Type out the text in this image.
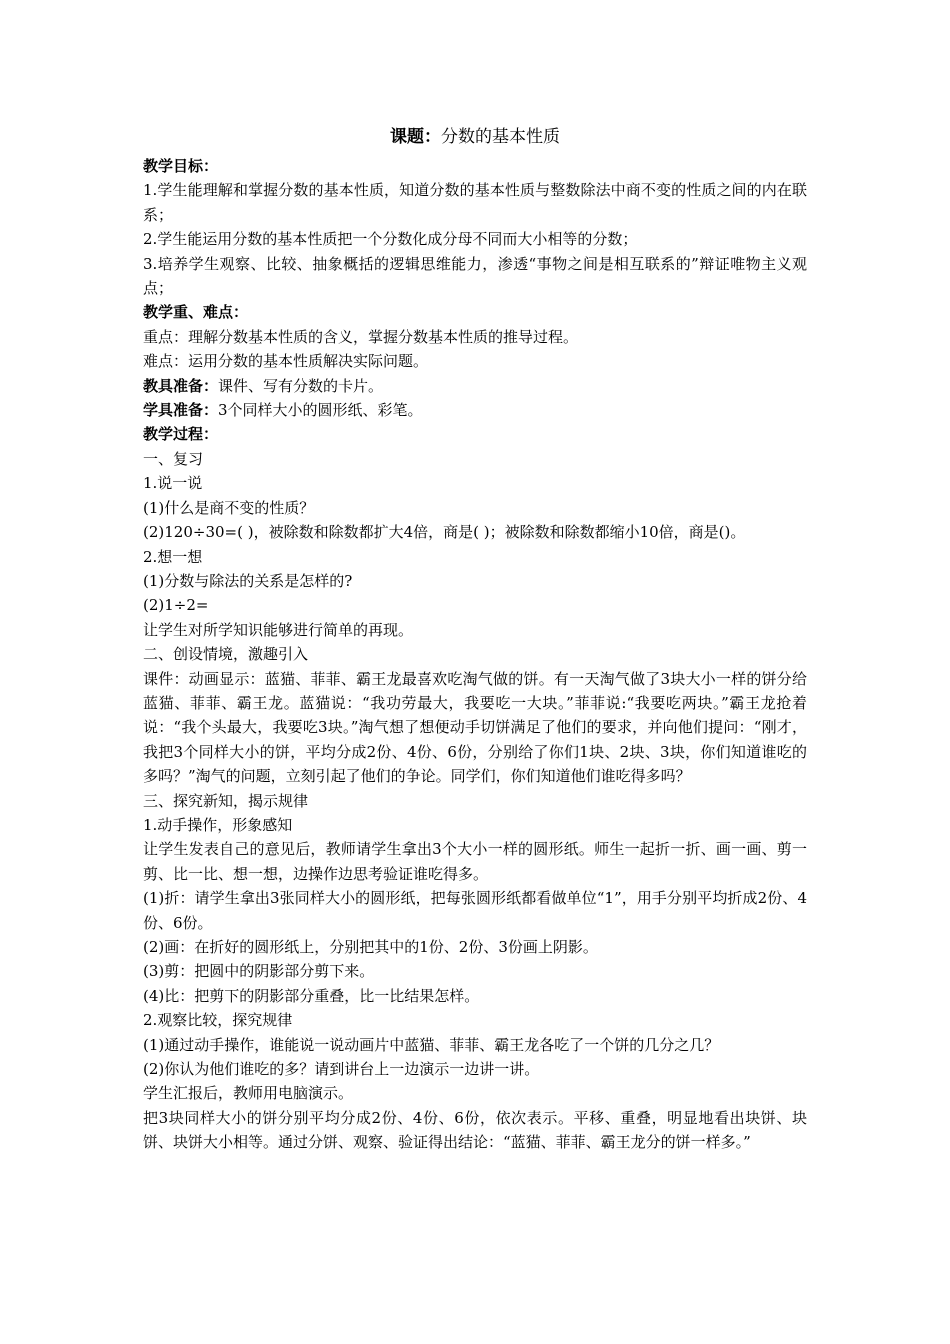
课题：分数的基本性质

教学目标：

1.学生能理解和掌握分数的基本性质，知道分数的基本性质与整数除法中商不变的性质之间的内在联系；

2.学生能运用分数的基本性质把一个分数化成分母不同而大小相等的分数；

3.培养学生观察、比较、抽象概括的逻辑思维能力，渗透“事物之间是相互联系的”辩证唯物主义观点；

教学重、难点：

重点：理解分数基本性质的含义，掌握分数基本性质的推导过程。

难点：运用分数的基本性质解决实际问题。

教具准备：课件、写有分数的卡片。

学具准备：3个同样大小的圆形纸、彩笔。

教学过程：

一、复习

1.说一说

(1)什么是商不变的性质？

(2)120÷30=( )，被除数和除数都扩大4倍，商是( )；被除数和除数都缩小10倍，商是()。

2.想一想

(1)分数与除法的关系是怎样的?

(2)1÷2=

让学生对所学知识能够进行简单的再现。

二、创设情境，激趣引入

课件：动画显示：蓝猫、菲菲、霸王龙最喜欢吃淘气做的饼。有一天淘气做了3块大小一样的饼分给蓝猫、菲菲、霸王龙。蓝猫说：“我功劳最大，我要吃一大块。”菲菲说:“我要吃两块。”霸王龙抢着说：“我个头最大，我要吃3块。”淘气想了想便动手切饼满足了他们的要求，并向他们提问：“刚才，我把3个同样大小的饼，平均分成2份、4份、6份，分别给了你们1块、2块、3块，你们知道谁吃的多吗？”淘气的问题，立刻引起了他们的争论。同学们，你们知道他们谁吃得多吗？

三、探究新知，揭示规律

1.动手操作，形象感知

让学生发表自己的意见后，教师请学生拿出3个大小一样的圆形纸。师生一起折一折、画一画、剪一剪、比一比、想一想，边操作边思考验证谁吃得多。

(1)折：请学生拿出3张同样大小的圆形纸，把每张圆形纸都看做单位“1”，用手分别平均折成2份、4份、6份。

(2)画：在折好的圆形纸上，分别把其中的1份、2份、3份画上阴影。

(3)剪：把圆中的阴影部分剪下来。

(4)比：把剪下的阴影部分重叠，比一比结果怎样。

2.观察比较，探究规律

(1)通过动手操作，谁能说一说动画片中蓝猫、菲菲、霸王龙各吃了一个饼的几分之几？

(2)你认为他们谁吃的多？请到讲台上一边演示一边讲一讲。

学生汇报后，教师用电脑演示。

把3块同样大小的饼分别平均分成2份、4份、6份，依次表示。平移、重叠，明显地看出块饼、块饼、块饼大小相等。通过分饼、观察、验证得出结论：“蓝猫、菲菲、霸王龙分的饼一样多。”
